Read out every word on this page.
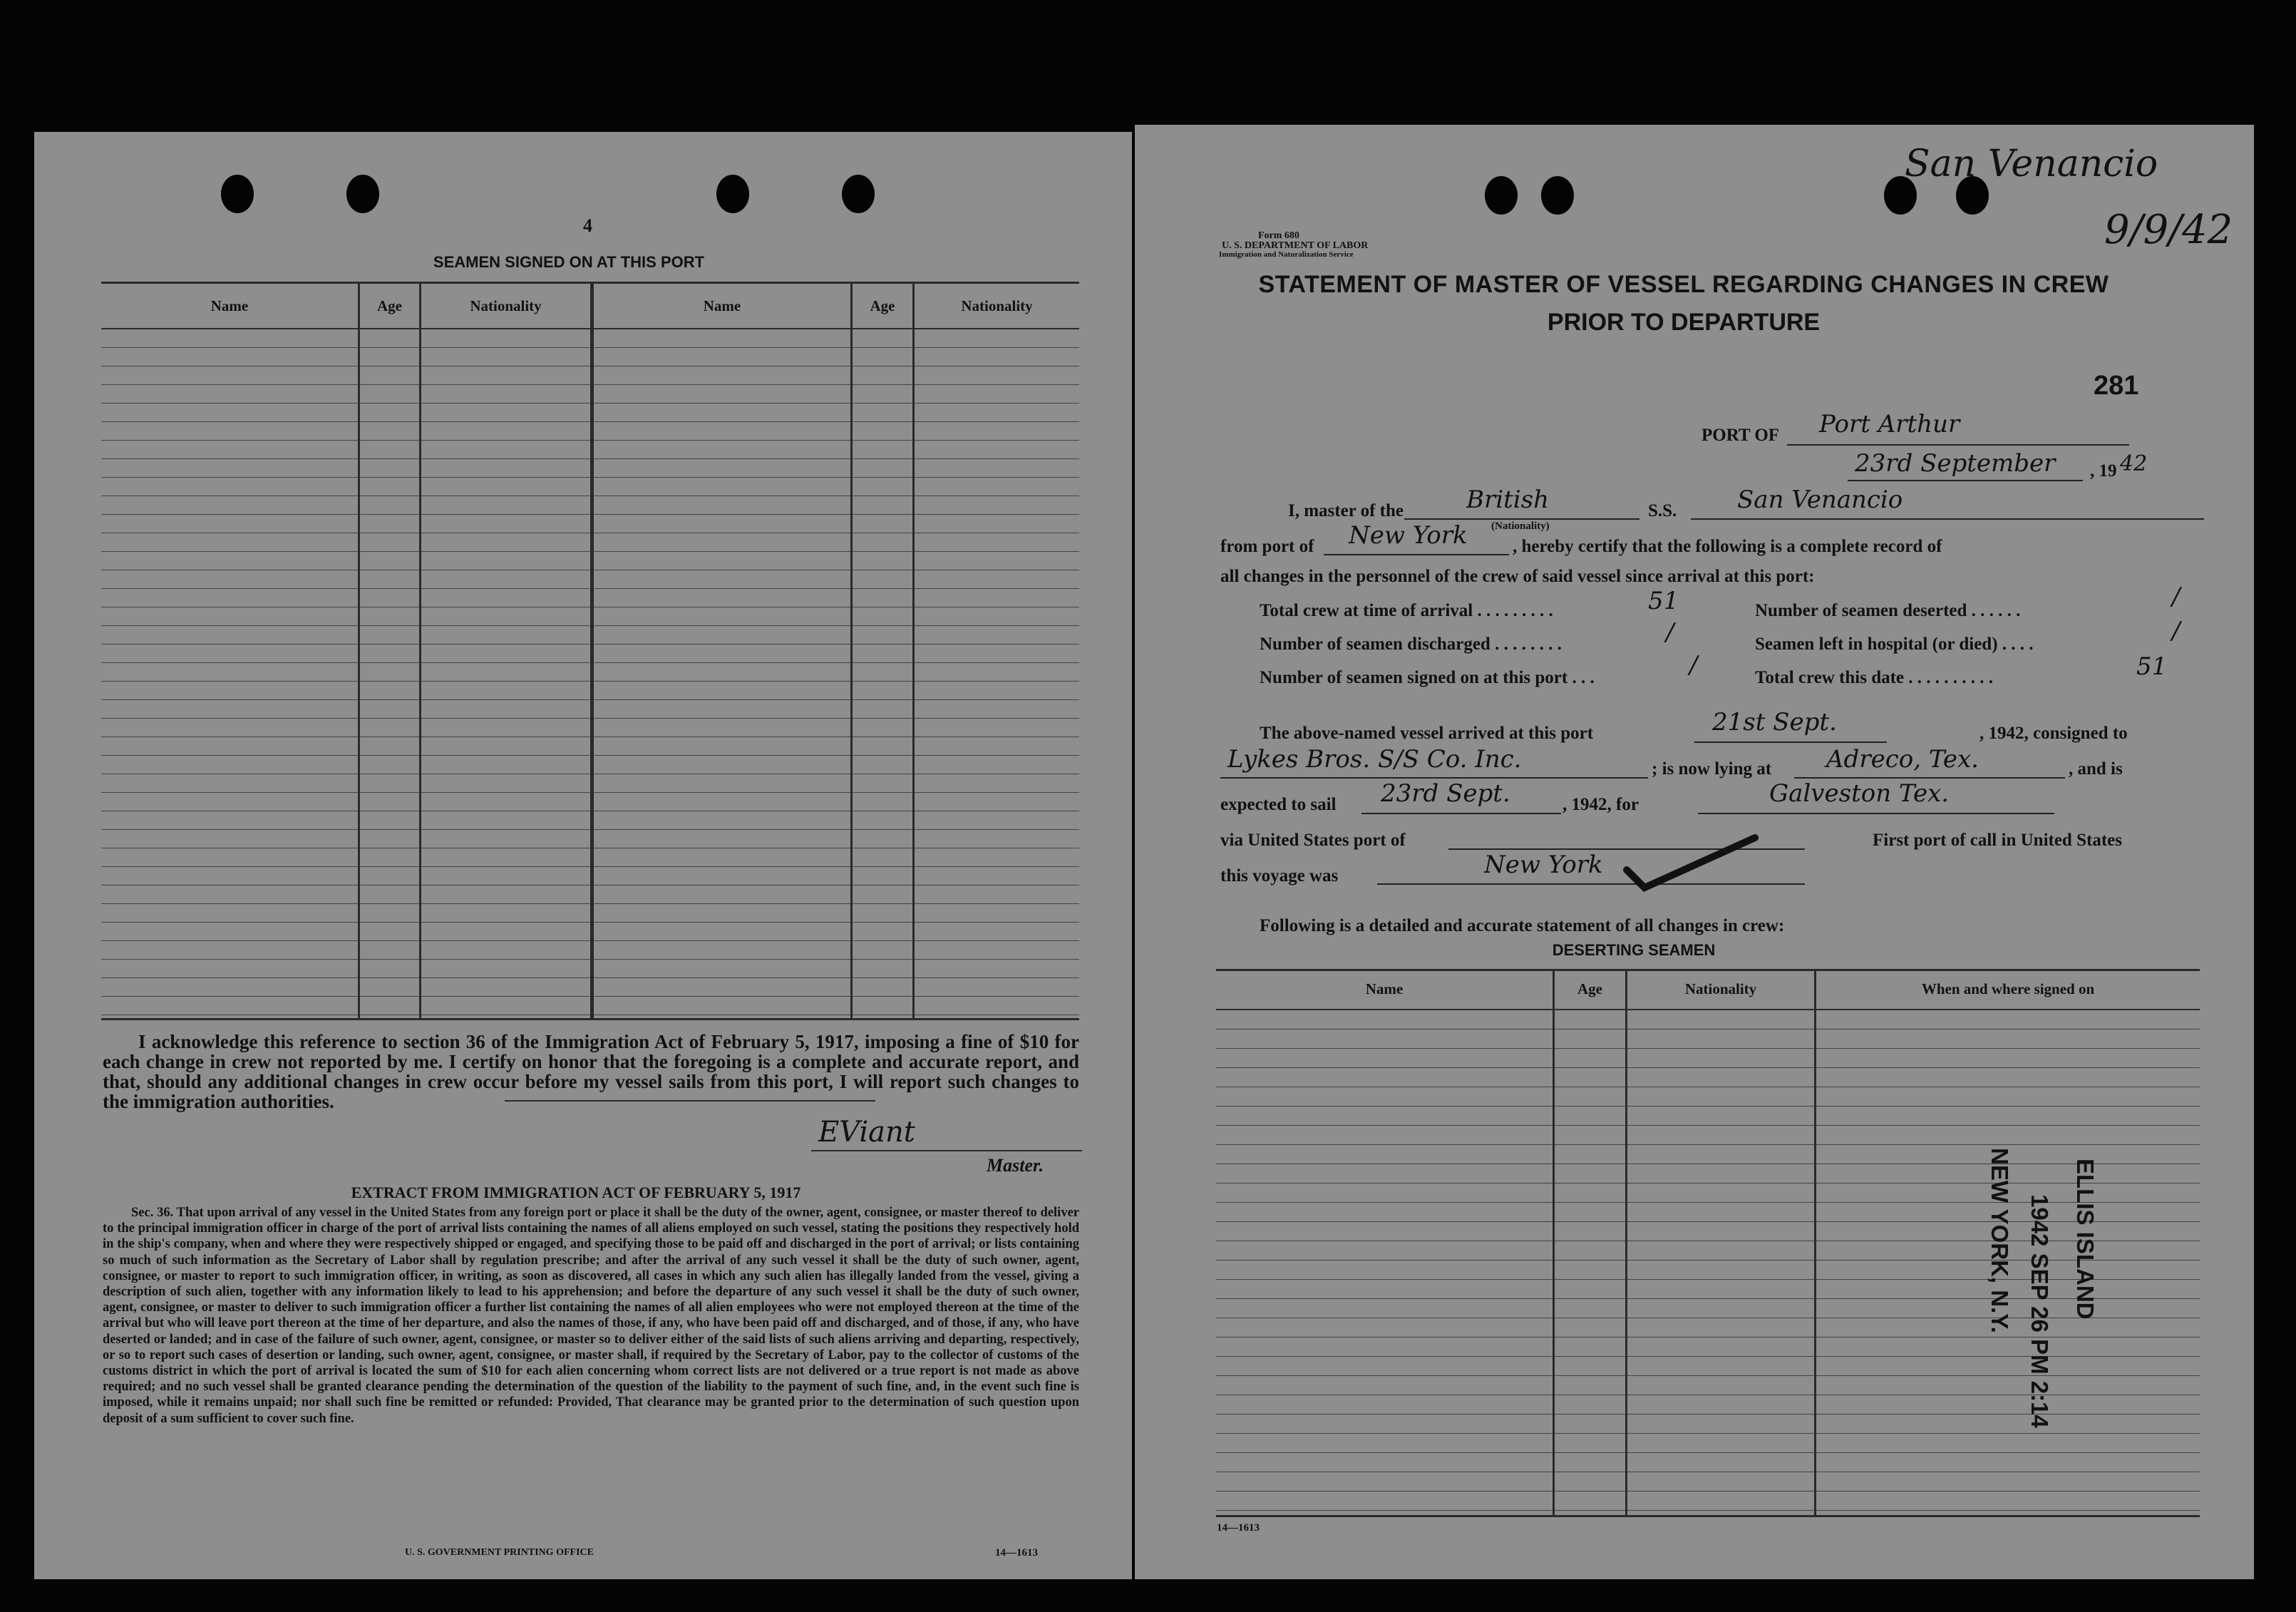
4
SEAMEN SIGNED ON AT THIS PORT
Name	Age	Nationality	Name	Age	Nationality
I acknowledge this reference to section 36 of the Immigration Act of February 5, 1917, imposing a fine of $10 for each change in crew not reported by me. I certify on honor that the foregoing is a complete and accurate report, and that, should any additional changes in crew occur before my vessel sails from this port, I will report such changes to the immigration authorities.
EViant
Master.
EXTRACT FROM IMMIGRATION ACT OF FEBRUARY 5, 1917
Sec. 36. That upon arrival of any vessel in the United States from any foreign port or place it shall be the duty of the owner, agent, consignee, or master thereof to deliver to the principal immigration officer in charge of the port of arrival lists containing the names of all aliens employed on such vessel, stating the positions they respectively hold in the ship's company, when and where they were respectively shipped or engaged, and specifying those to be paid off and discharged in the port of arrival; or lists containing so much of such information as the Secretary of Labor shall by regulation prescribe; and after the arrival of any such vessel it shall be the duty of such owner, agent, consignee, or master to report to such immigration officer, in writing, as soon as discovered, all cases in which any such alien has illegally landed from the vessel, giving a description of such alien, together with any information likely to lead to his apprehension; and before the departure of any such vessel it shall be the duty of such owner, agent, consignee, or master to deliver to such immigration officer a further list containing the names of all alien employees who were not employed thereon at the time of the arrival but who will leave port thereon at the time of her departure, and also the names of those, if any, who have been paid off and discharged, and of those, if any, who have deserted or landed; and in case of the failure of such owner, agent, consignee, or master so to deliver either of the said lists of such aliens arriving and departing, respectively, or so to report such cases of desertion or landing, such owner, agent, consignee, or master shall, if required by the Secretary of Labor, pay to the collector of customs of the customs district in which the port of arrival is located the sum of $10 for each alien concerning whom correct lists are not delivered or a true report is not made as above required; and no such vessel shall be granted clearance pending the determination of the question of the liability to the payment of such fine, and, in the event such fine is imposed, while it remains unpaid; nor shall such fine be remitted or refunded: Provided, That clearance may be granted prior to the determination of such question upon deposit of a sum sufficient to cover such fine.
U. S. GOVERNMENT PRINTING OFFICE	14—1613
San Venancio
9/9/42
Form 680
U. S. DEPARTMENT OF LABOR
Immigration and Naturalization Service
STATEMENT OF MASTER OF VESSEL REGARDING CHANGES IN CREW
PRIOR TO DEPARTURE
281
PORT OF Port Arthur
23rd September , 19 42
I, master of the	British
(Nationality)
S.S. San Venancio
from port of New York	, hereby certify that the following is a complete record of
all changes in the personnel of the crew of said vessel since arrival at this port:
Total crew at time of arrival . . . . . . . . .	51	Number of seamen deserted . . . . . .	/
Number of seamen discharged . . . . . . . .	/	Seamen left in hospital (or died) . . . .	/
Number of seamen signed on at this port . . .	/	Total crew this date . . . . . . . . . .	51
The above-named vessel arrived at this port	21st Sept.	, 1942, consigned to
Lykes Bros. S/S Co. Inc.	; is now lying at Adreco, Tex.	, and is
expected to sail 23rd Sept.	, 1942, for	Galveston Tex.
via United States port of	First port of call in United States
this voyage was	New York
Following is a detailed and accurate statement of all changes in crew:
DESERTING SEAMEN
Name	Age	Nationality	When and where signed on
ELLIS ISLAND
1942 SEP 26 PM 2:14
NEW YORK, N.Y.
14—1613
